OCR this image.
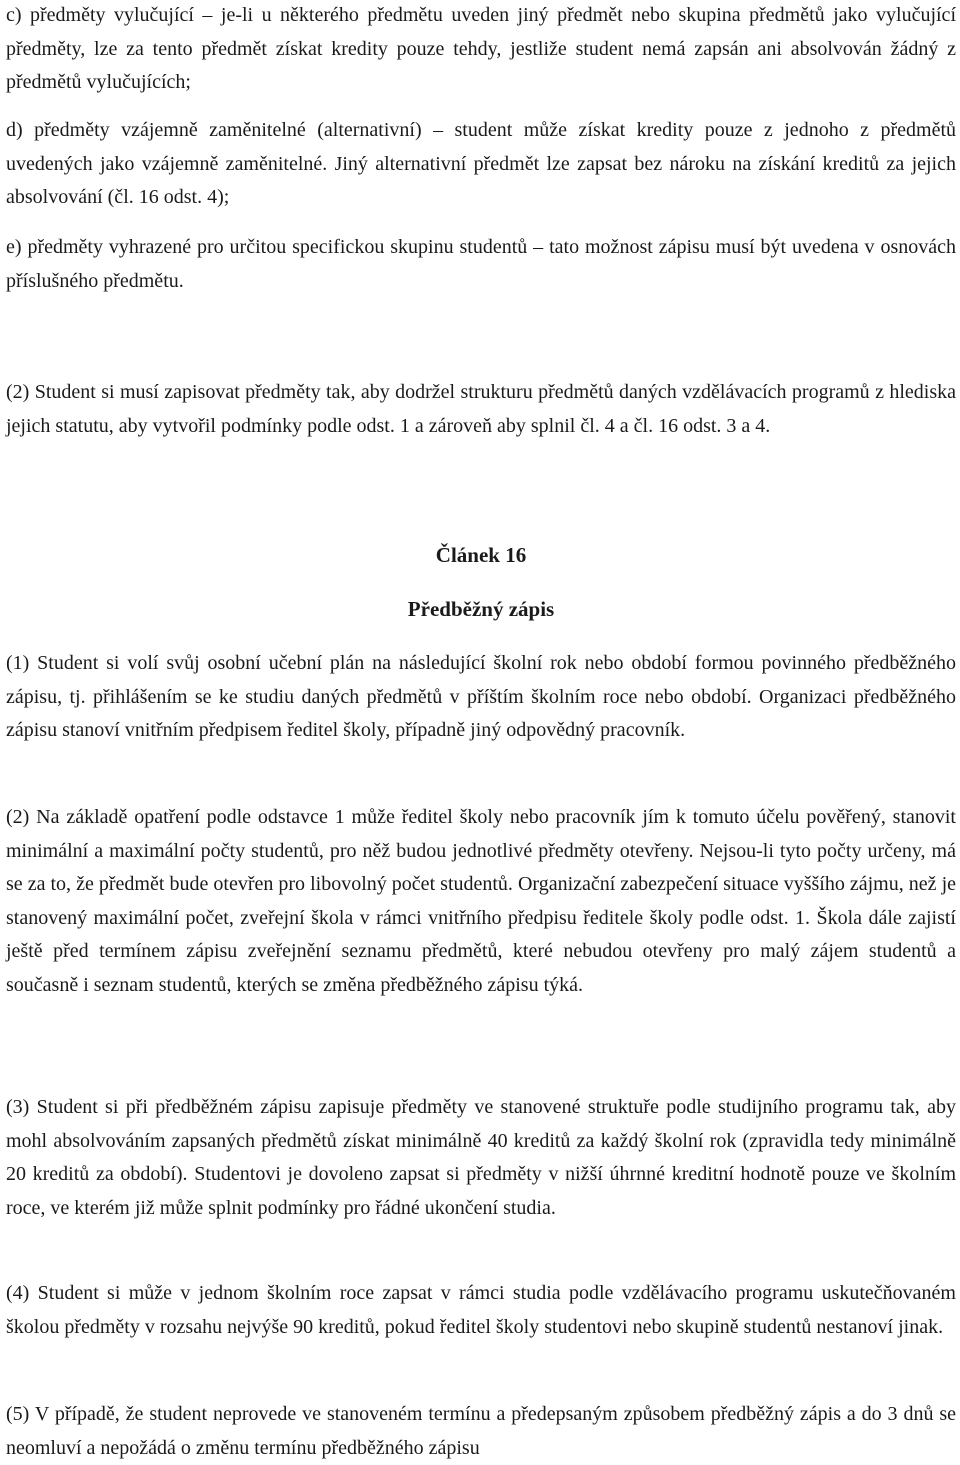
c) předměty vylučující – je-li u některého předmětu uveden jiný předmět nebo skupina předmětů jako vylučující předměty, lze za tento předmět získat kredity pouze tehdy, jestliže student nemá zapsán ani absolvován žádný z předmětů vylučujících;

d) předměty vzájemně zaměnitelné (alternativní) – student může získat kredity pouze z jednoho z předmětů uvedených jako vzájemně zaměnitelné. Jiný alternativní předmět lze zapsat bez nároku na získání kreditů za jejich absolvování (čl. 16 odst. 4);

e) předměty vyhrazené pro určitou specifickou skupinu studentů – tato možnost zápisu musí být uvedena v osnovách příslušného předmětu.

(2) Student si musí zapisovat předměty tak, aby dodržel strukturu předmětů daných vzdělávacích programů z hlediska jejich statutu, aby vytvořil podmínky podle odst. 1 a zároveň aby splnil čl. 4 a čl. 16 odst. 3 a 4.

Článek 16
Předběžný zápis

(1) Student si volí svůj osobní učební plán na následující školní rok nebo období formou povinného předběžného zápisu, tj. přihlášením se ke studiu daných předmětů v příštím školním roce nebo období. Organizaci předběžného zápisu stanoví vnitřním předpisem ředitel školy, případně jiný odpovědný pracovník.

(2) Na základě opatření podle odstavce 1 může ředitel školy nebo pracovník jím k tomuto účelu pověřený, stanovit minimální a maximální počty studentů, pro něž budou jednotlivé předměty otevřeny. Nejsou-li tyto počty určeny, má se za to, že předmět bude otevřen pro libovolný počet studentů. Organizační zabezpečení situace vyššího zájmu, než je stanovený maximální počet, zveřejní škola v rámci vnitřního předpisu ředitele školy podle odst. 1. Škola dále zajistí ještě před termínem zápisu zveřejnění seznamu předmětů, které nebudou otevřeny pro malý zájem studentů a současně i seznam studentů, kterých se změna předběžného zápisu týká.

(3) Student si při předběžném zápisu zapisuje předměty ve stanovené struktuře podle studijního programu tak, aby mohl absolvováním zapsaných předmětů získat minimálně 40 kreditů za každý školní rok (zpravidla tedy minimálně 20 kreditů za období). Studentovi je dovoleno zapsat si předměty v nižší úhrnné kreditní hodnotě pouze ve školním roce, ve kterém již může splnit podmínky pro řádné ukončení studia.

(4) Student si může v jednom školním roce zapsat v rámci studia podle vzdělávacího programu uskutečňovaném školou předměty v rozsahu nejvýše 90 kreditů, pokud ředitel školy studentovi nebo skupině studentů nestanoví jinak.

(5) V případě, že student neprovede ve stanoveném termínu a předepsaným způsobem předběžný zápis a do 3 dnů se neomluví a nepožádá o změnu termínu předběžného zápisu
